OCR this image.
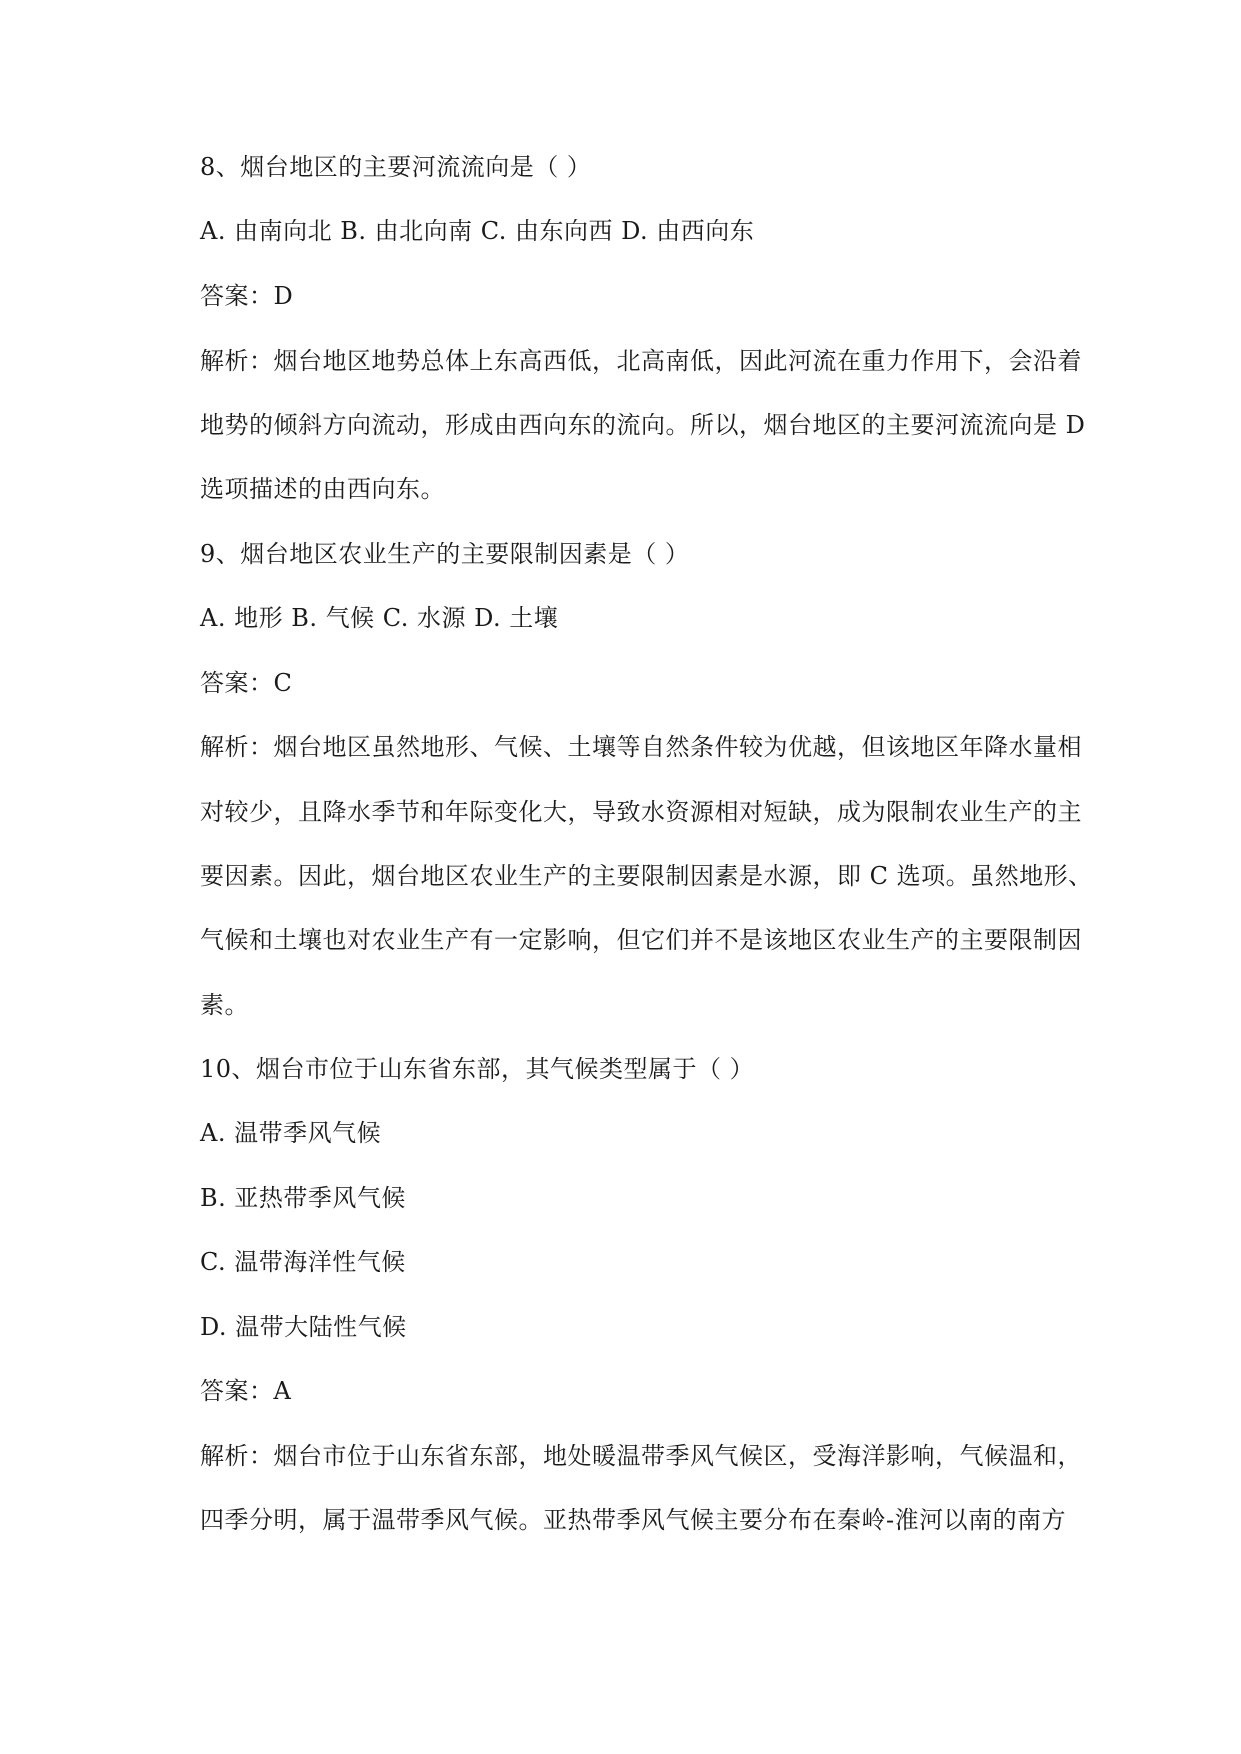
8、烟台地区的主要河流流向是（ ）
A. 由南向北 B. 由北向南 C. 由东向西 D. 由西向东
答案：D
解析：烟台地区地势总体上东高西低，北高南低，因此河流在重力作用下，会沿着
地势的倾斜方向流动，形成由西向东的流向。所以，烟台地区的主要河流流向是 D
选项描述的由西向东。
9、烟台地区农业生产的主要限制因素是（ ）
A. 地形 B. 气候 C. 水源 D. 土壤
答案：C
解析：烟台地区虽然地形、气候、土壤等自然条件较为优越，但该地区年降水量相
对较少，且降水季节和年际变化大，导致水资源相对短缺，成为限制农业生产的主
要因素。因此，烟台地区农业生产的主要限制因素是水源，即 C 选项。虽然地形、
气候和土壤也对农业生产有一定影响，但它们并不是该地区农业生产的主要限制因
素。
10、烟台市位于山东省东部，其气候类型属于（ ）
A. 温带季风气候
B. 亚热带季风气候
C. 温带海洋性气候
D. 温带大陆性气候
答案：A
解析：烟台市位于山东省东部，地处暖温带季风气候区，受海洋影响，气候温和，
四季分明，属于温带季风气候。亚热带季风气候主要分布在秦岭-淮河以南的南方
